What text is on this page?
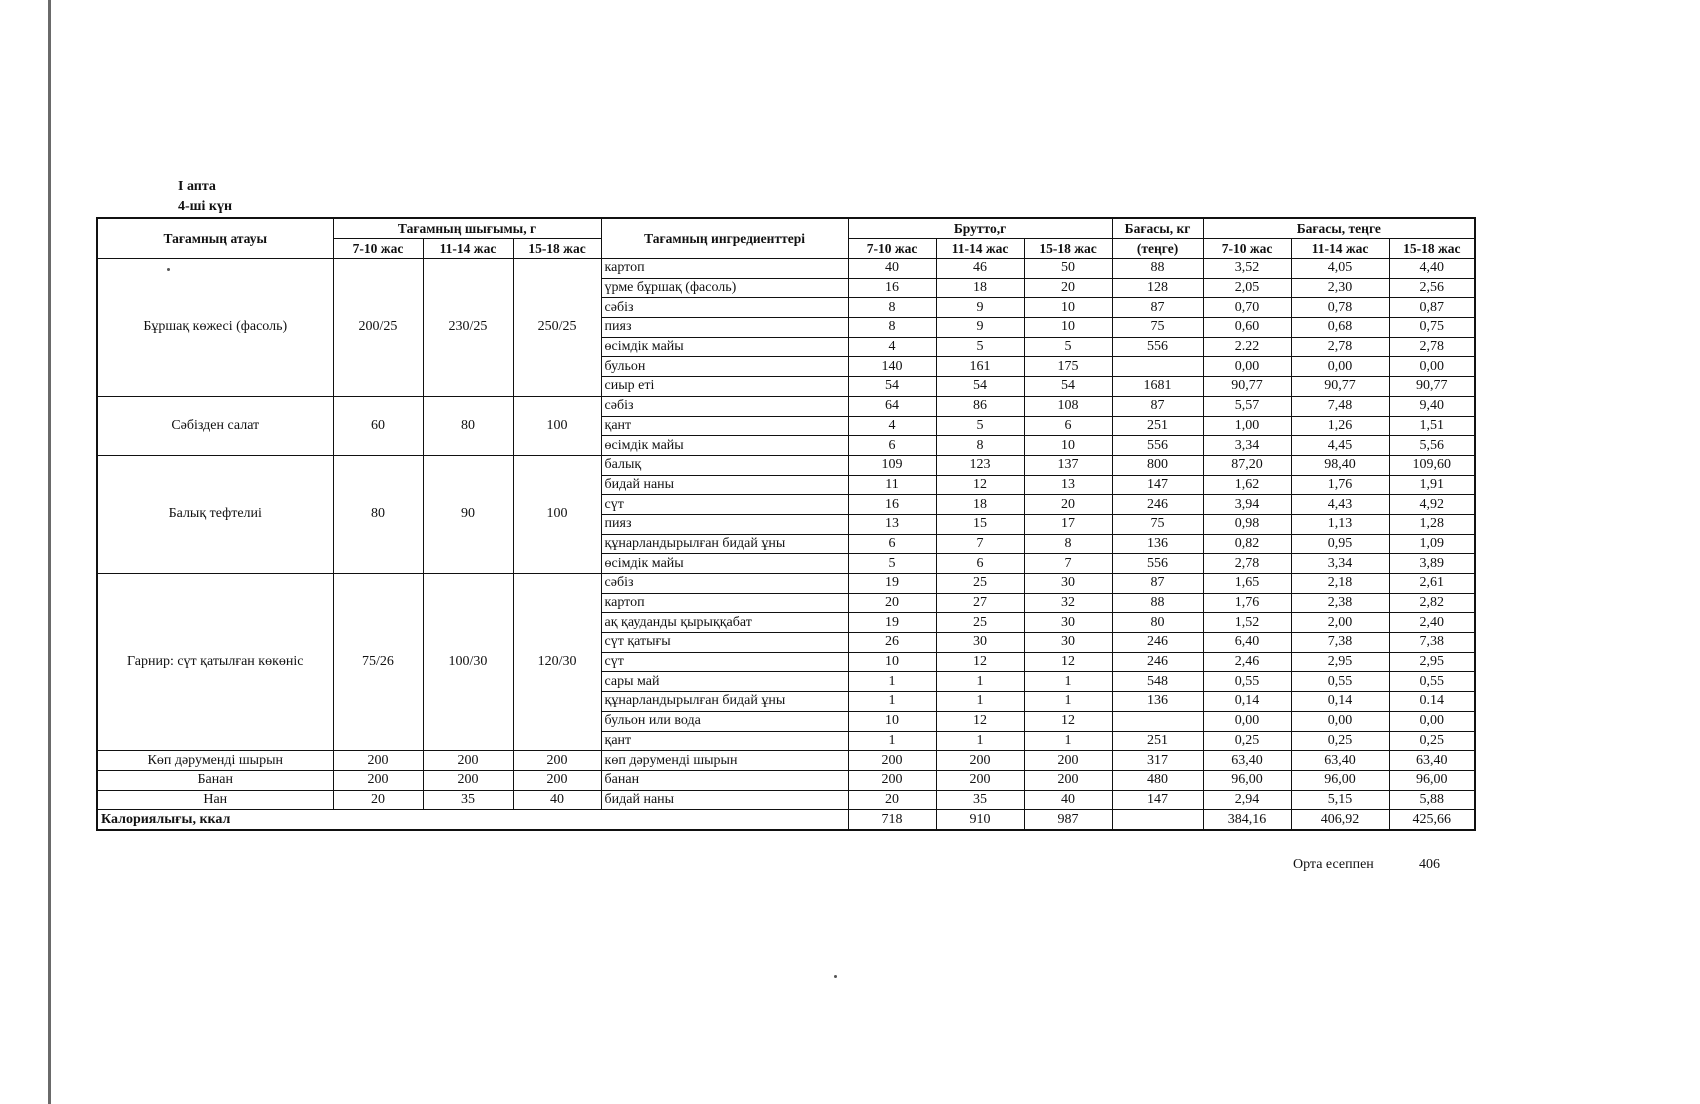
I апта
4-ші күн
Тағамның атауы	Тағамның шығымы, г			Тағамның ингредиенттері	Брутто,г			Бағасы, кг	Бағасы, теңге		
	7-10 жас	11-14 жас	15-18 жас		7-10 жас	11-14 жас	15-18 жас	(теңге)	7-10 жас	11-14 жас	15-18 жас
Бұршақ көжесі (фасоль)	200/25	230/25	250/25	картоп	40	46	50	88	3,52	4,05	4,40
				үрме бұршақ (фасоль)	16	18	20	128	2,05	2,30	2,56
				сәбіз	8	9	10	87	0,70	0,78	0,87
				пияз	8	9	10	75	0,60	0,68	0,75
				өсімдік майы	4	5	5	556	2.22	2,78	2,78
				бульон	140	161	175		0,00	0,00	0,00
				сиыр еті	54	54	54	1681	90,77	90,77	90,77
Сәбізден салат	60	80	100	сәбіз	64	86	108	87	5,57	7,48	9,40
				қант	4	5	6	251	1,00	1,26	1,51
				өсімдік майы	6	8	10	556	3,34	4,45	5,56
Балық тефтелиі	80	90	100	балық	109	123	137	800	87,20	98,40	109,60
				бидай наны	11	12	13	147	1,62	1,76	1,91
				сүт	16	18	20	246	3,94	4,43	4,92
				пияз	13	15	17	75	0,98	1,13	1,28
				құнарландырылған бидай ұны	6	7	8	136	0,82	0,95	1,09
				өсімдік майы	5	6	7	556	2,78	3,34	3,89
Гарнир: сүт қатылған көкөніс	75/26	100/30	120/30	сәбіз	19	25	30	87	1,65	2,18	2,61
				картоп	20	27	32	88	1,76	2,38	2,82
				ақ қауданды қырыққабат	19	25	30	80	1,52	2,00	2,40
				сүт қатығы	26	30	30	246	6,40	7,38	7,38
				сүт	10	12	12	246	2,46	2,95	2,95
				сары май	1	1	1	548	0,55	0,55	0,55
				құнарландырылған бидай ұны	1	1	1	136	0,14	0,14	0.14
				бульон или вода	10	12	12		0,00	0,00	0,00
				қант	1	1	1	251	0,25	0,25	0,25
Көп дәруменді шырын	200	200	200	көп дәруменді шырын	200	200	200	317	63,40	63,40	63,40
Банан	200	200	200	банан	200	200	200	480	96,00	96,00	96,00
Нан	20	35	40	бидай наны	20	35	40	147	2,94	5,15	5,88
Калориялығы, ккал					718	910	987		384,16	406,92	425,66
Орта есеппен	406
